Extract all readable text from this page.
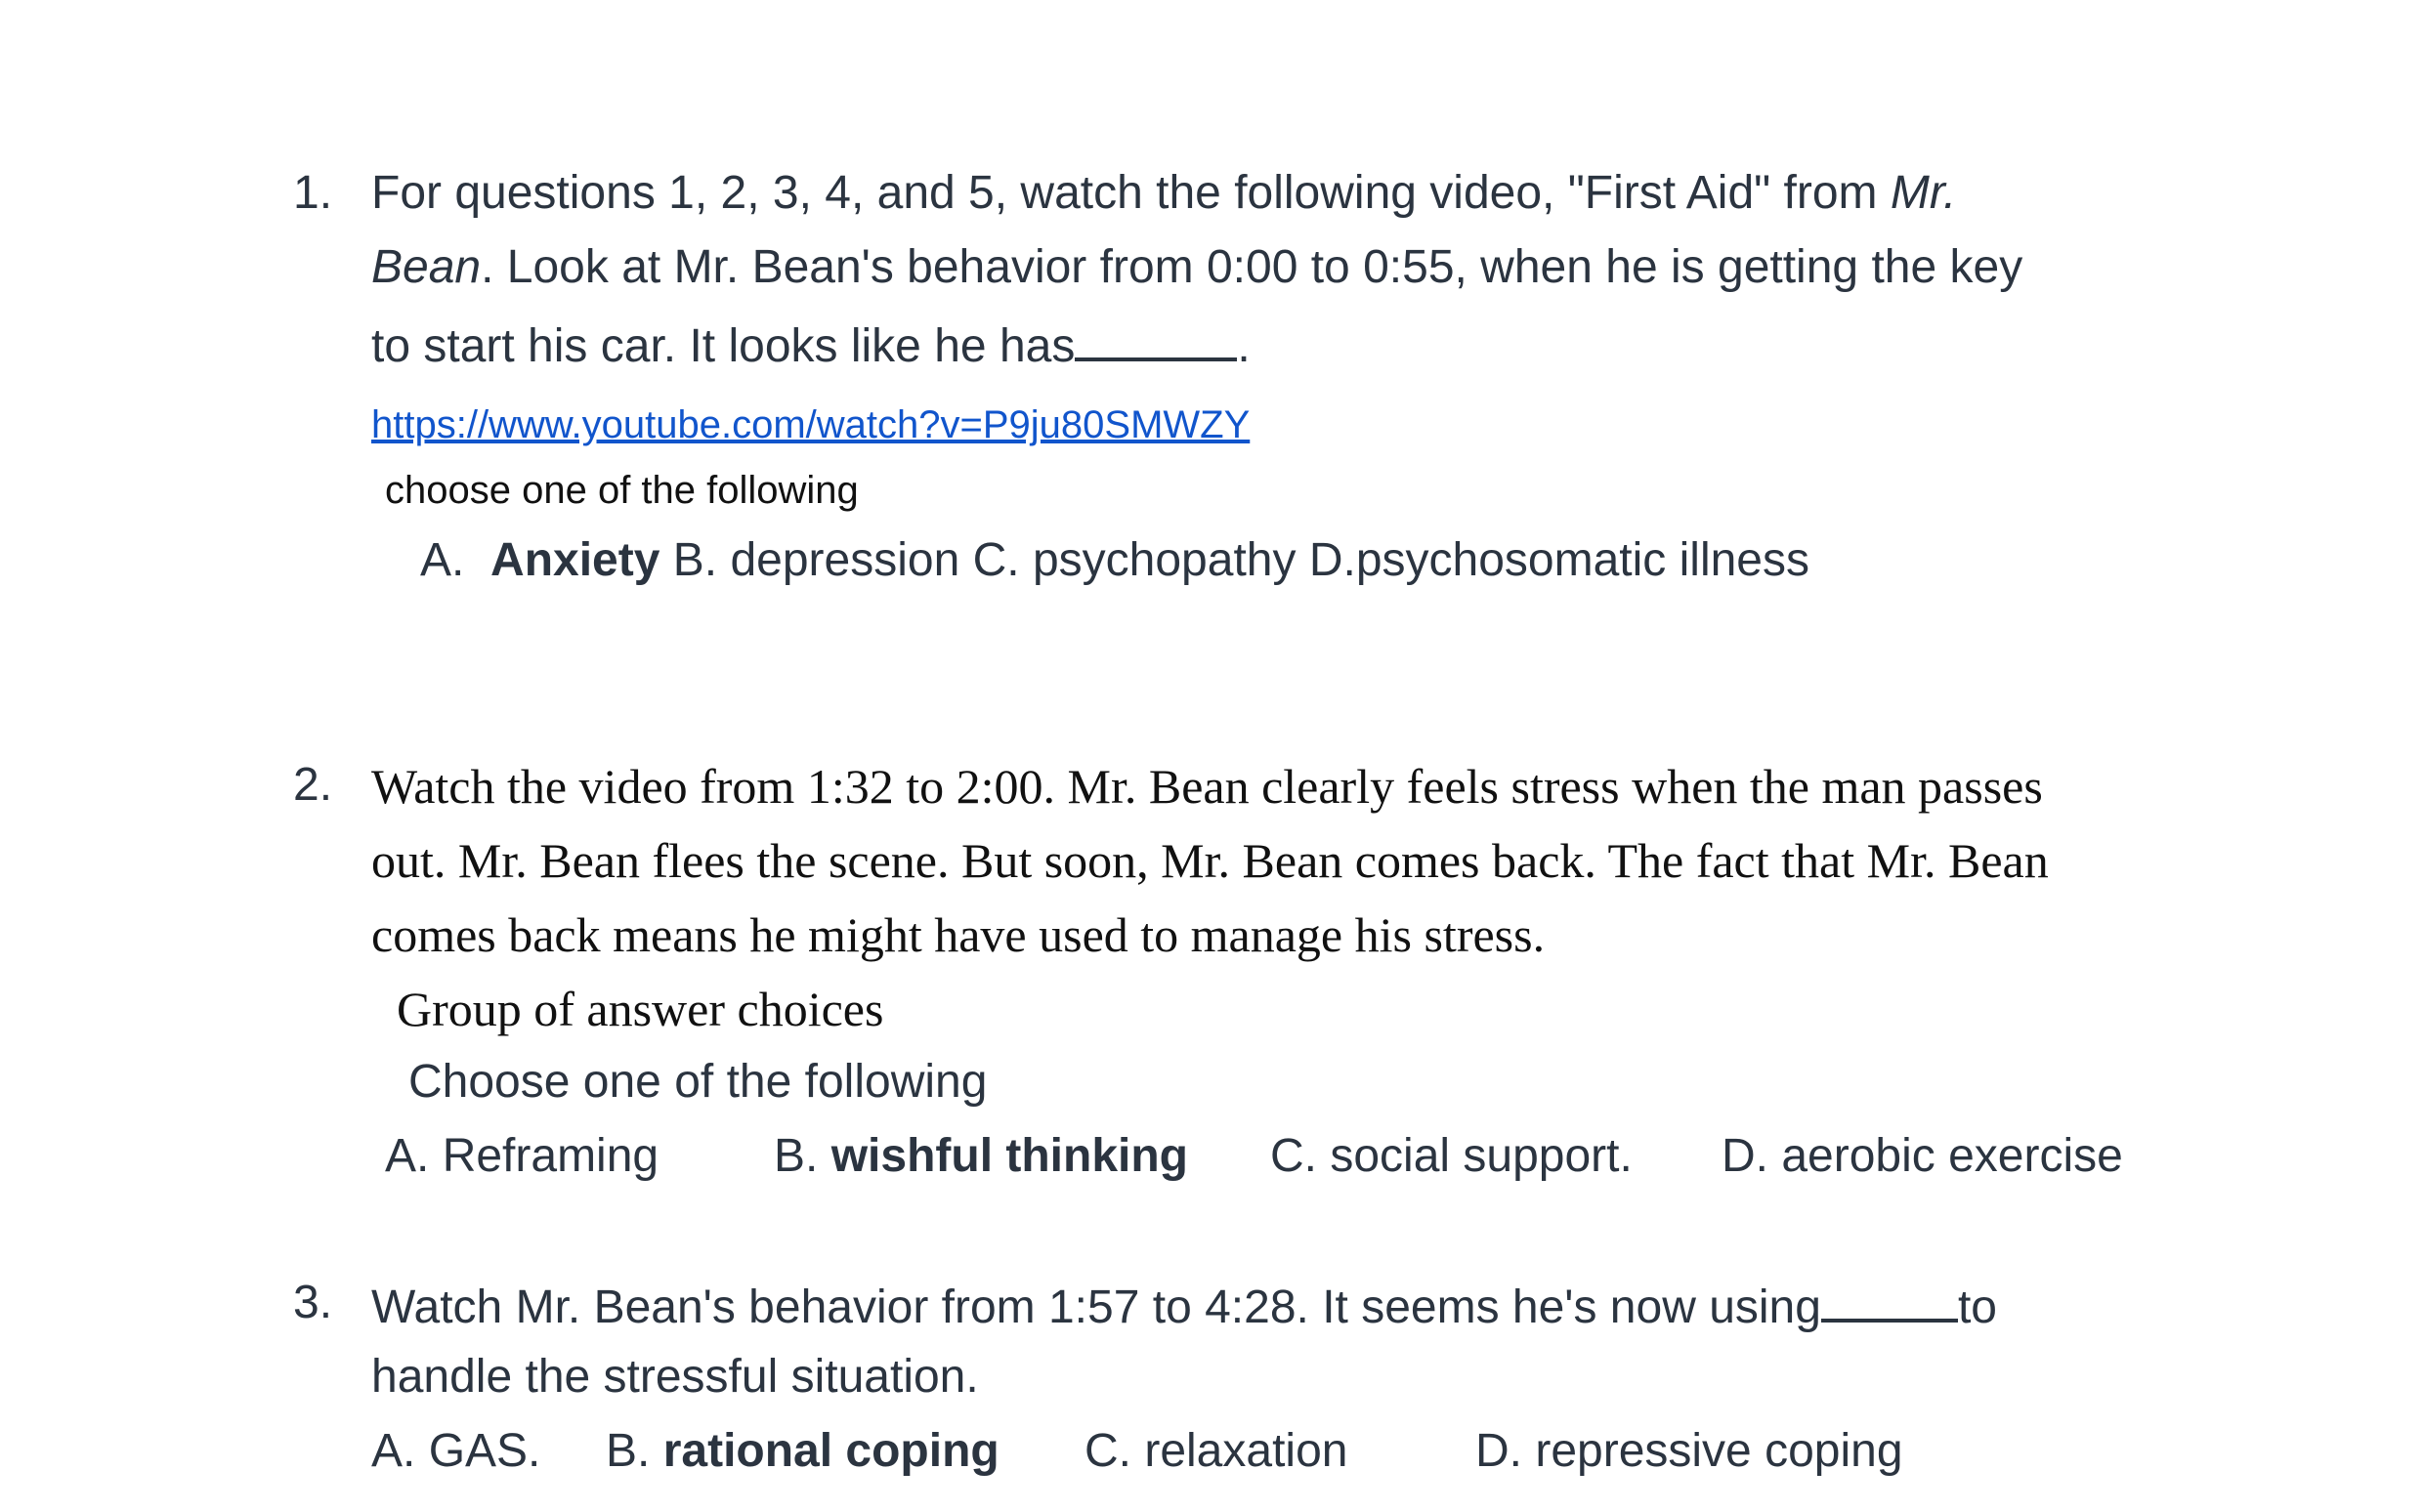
1. For questions 1, 2, 3, 4, and 5, watch the following video, "First Aid" from Mr.
Bean. Look at Mr. Bean's behavior from 0:00 to 0:55, when he is getting the key
to start his car. It looks like he has	.
https://www.youtube.com/watch?v=P9ju80SMWZY
choose one of the following
A. Anxiety B. depression C. psychopathy D.psychosomatic illness
2. Watch the video from 1:32 to 2:00. Mr. Bean clearly feels stress when the man passes
out. Mr. Bean flees the scene. But soon, Mr. Bean comes back. The fact that Mr. Bean
comes back means he might have used to manage his stress.
Group of answer choices
Choose one of the following
A. Reframing B. wishful thinking C. social support. D. aerobic exercise
3. Watch Mr. Bean's behavior from 1:57 to 4:28. It seems he's now using	to
handle the stressful situation.
A. GAS. B. rational coping C. relaxation	D. repressive coping
